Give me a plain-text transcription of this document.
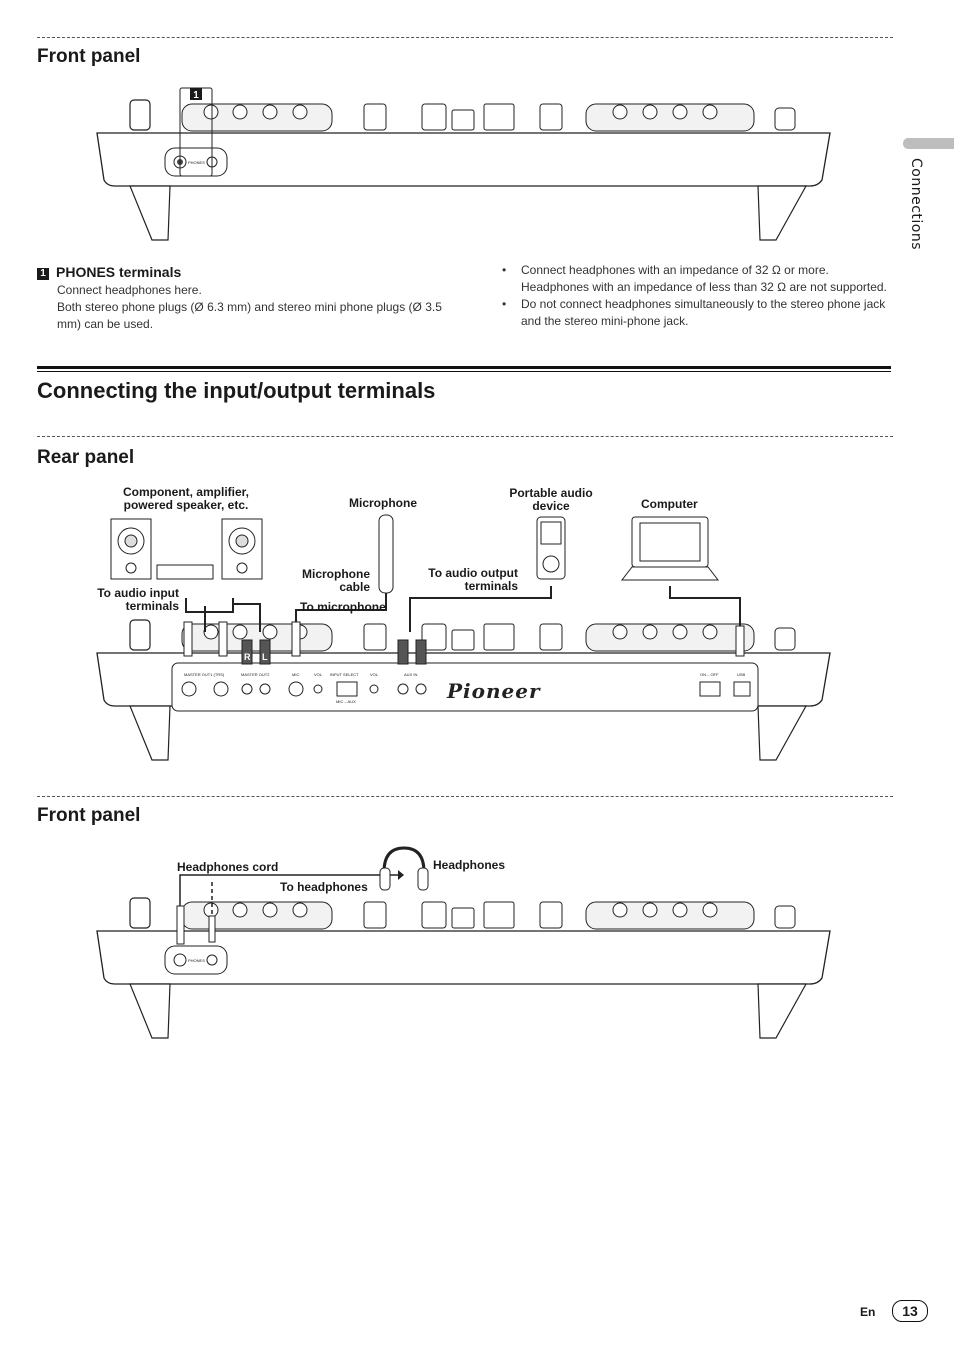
Front panel
Connections
1
1 PHONES terminals
Connect headphones here.
Both stereo phone plugs (Ø 6.3 mm) and stereo mini phone plugs (Ø 3.5 mm) can be used.
• Connect headphones with an impedance of 32 Ω or more. Headphones with an impedance of less than 32 Ω are not supported.
• Do not connect headphones simultaneously to the stereo phone jack and the stereo mini-phone jack.
PHONES
Connecting the input/output terminals
Rear panel
Component, amplifier, powered speaker, etc.	Microphone
Portable audio device	Computer
To audio input terminals
Microphone cable
To microphone
To audio output terminals
MASTER OUT1 (TRS)	MASTER OUT2	MIC	VOL INPUT SELECT
MIC – AUX
VOL	AUX IN	ON – OFF	USB
R L
Pioneer
Front panel
Headphones cord
To headphones
Headphones
PHONES
En	13
